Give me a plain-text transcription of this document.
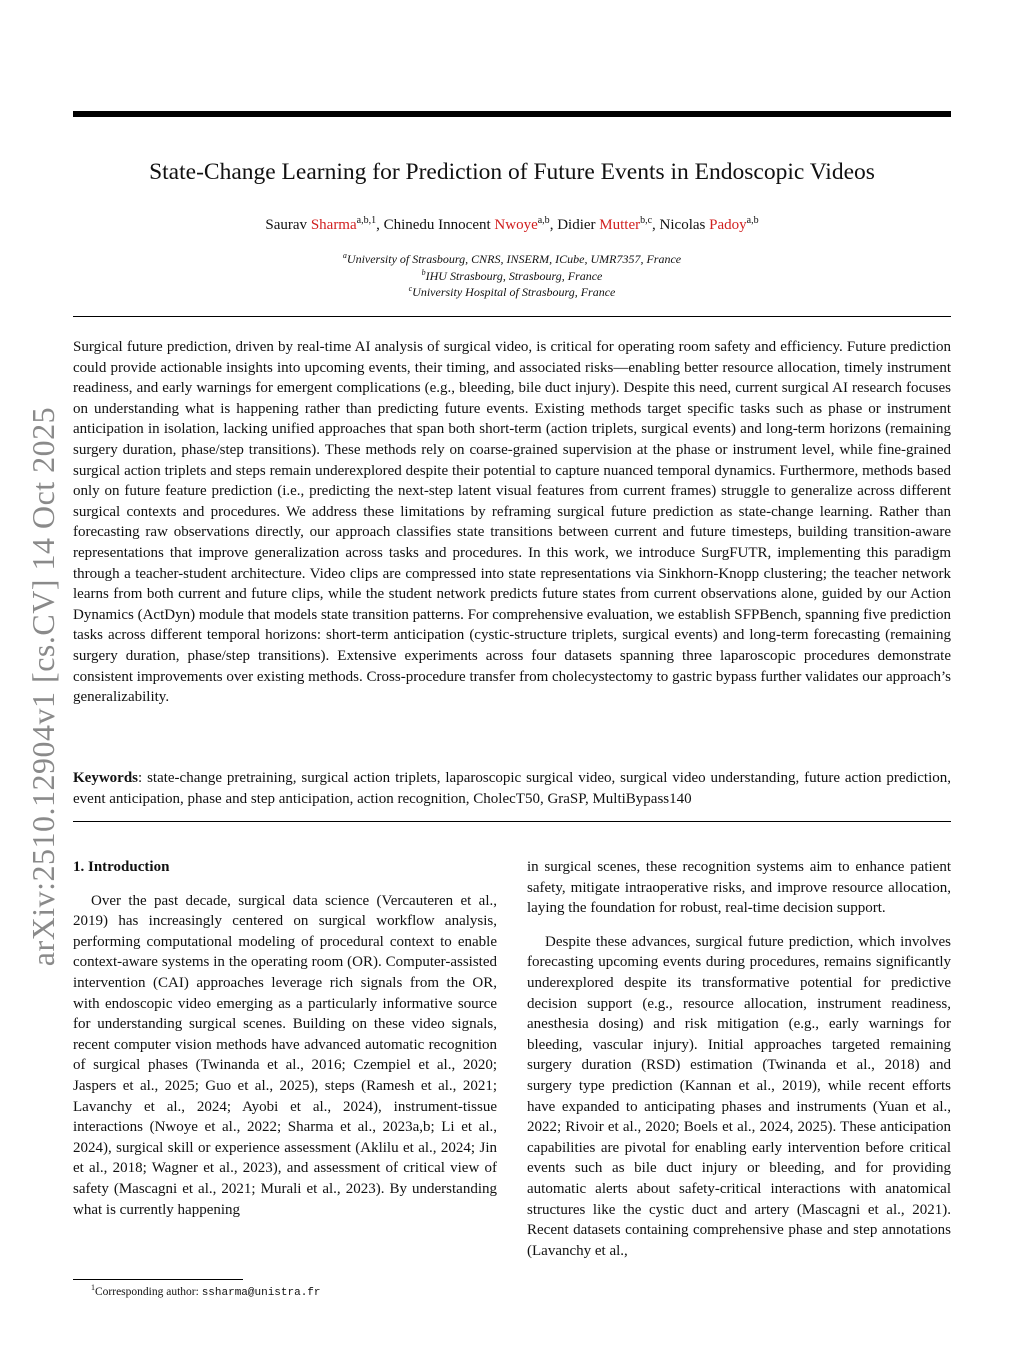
arXiv:2510.12904v1 [cs.CV] 14 Oct 2025
State-Change Learning for Prediction of Future Events in Endoscopic Videos
Saurav Sharma$^{a,b,1}$, Chinedu Innocent Nwoye$^{a,b}$, Didier Mutter$^{b,c}$, Nicolas Padoy$^{a,b}$
$^a$University of Strasbourg, CNRS, INSERM, ICube, UMR7357, France
$^b$IHU Strasbourg, Strasbourg, France
$^c$University Hospital of Strasbourg, France

Surgical future prediction, driven by real-time AI analysis of surgical video, is critical for operating room safety and efficiency. Future prediction could provide actionable insights into upcoming events, their timing, and associated risks—enabling better resource allocation, timely instrument readiness, and early warnings for emergent complications (e.g., bleeding, bile duct injury). Despite this need, current surgical AI research focuses on understanding what is happening rather than predicting future events. Existing methods target specific tasks such as phase or instrument anticipation in isolation, lacking unified approaches that span both short-term (action triplets, surgical events) and long-term horizons (remaining surgery duration, phase/step transitions). These methods rely on coarse-grained supervision at the phase or instrument level, while fine-grained surgical action triplets and steps remain underexplored despite their potential to capture nuanced temporal dynamics. Furthermore, methods based only on future feature prediction (i.e., predicting the next-step latent visual features from current frames) struggle to generalize across different surgical contexts and procedures. We address these limitations by reframing surgical future prediction as state-change learning. Rather than forecasting raw observations directly, our approach classifies state transitions between current and future timesteps, building transition-aware representations that improve generalization across tasks and procedures. In this work, we introduce SurgFUTR, implementing this paradigm through a teacher-student architecture. Video clips are compressed into state representations via Sinkhorn-Knopp clustering; the teacher network learns from both current and future clips, while the student network predicts future states from current observations alone, guided by our Action Dynamics (ActDyn) module that models state transition patterns. For comprehensive evaluation, we establish SFPBench, spanning five prediction tasks across different temporal horizons: short-term anticipation (cystic-structure triplets, surgical events) and long-term forecasting (remaining surgery duration, phase/step transitions). Extensive experiments across four datasets spanning three laparoscopic procedures demonstrate consistent improvements over existing methods. Cross-procedure transfer from cholecystectomy to gastric bypass further validates our approach’s generalizability.

Keywords: state-change pretraining, surgical action triplets, laparoscopic surgical video, surgical video understanding, future action prediction, event anticipation, phase and step anticipation, action recognition, CholecT50, GraSP, MultiBypass140

1. Introduction

Over the past decade, surgical data science (Vercauteren et al., 2019) has increasingly centered on surgical workflow analysis, performing computational modeling of procedural context to enable context-aware systems in the operating room (OR). Computer-assisted intervention (CAI) approaches leverage rich signals from the OR, with endoscopic video emerging as a particularly informative source for understanding surgical scenes. Building on these video signals, recent computer vision methods have advanced automatic recognition of surgical phases (Twinanda et al., 2016; Czempiel et al., 2020; Jaspers et al., 2025; Guo et al., 2025), steps (Ramesh et al., 2021; Lavanchy et al., 2024; Ayobi et al., 2024), instrument-tissue interactions (Nwoye et al., 2022; Sharma et al., 2023a,b; Li et al., 2024), surgical skill or experience assessment (Aklilu et al., 2024; Jin et al., 2018; Wagner et al., 2023), and assessment of critical view of safety (Mascagni et al., 2021; Murali et al., 2023). By understanding what is currently happening

in surgical scenes, these recognition systems aim to enhance patient safety, mitigate intraoperative risks, and improve resource allocation, laying the foundation for robust, real-time decision support.

Despite these advances, surgical future prediction, which involves forecasting upcoming events during procedures, remains significantly underexplored despite its transformative potential for predictive decision support (e.g., resource allocation, instrument readiness, anesthesia dosing) and risk mitigation (e.g., early warnings for bleeding, vascular injury). Initial approaches targeted remaining surgery duration (RSD) estimation (Twinanda et al., 2018) and surgery type prediction (Kannan et al., 2019), while recent efforts have expanded to anticipating phases and instruments (Yuan et al., 2022; Rivoir et al., 2020; Boels et al., 2024, 2025). These anticipation capabilities are pivotal for enabling early intervention before critical events such as bile duct injury or bleeding, and for providing automatic alerts about safety-critical interactions with anatomical structures like the cystic duct and artery (Mascagni et al., 2021). Recent datasets containing comprehensive phase and step annotations (Lavanchy et al.,

$^1$Corresponding author: ssharma@unistra.fr
